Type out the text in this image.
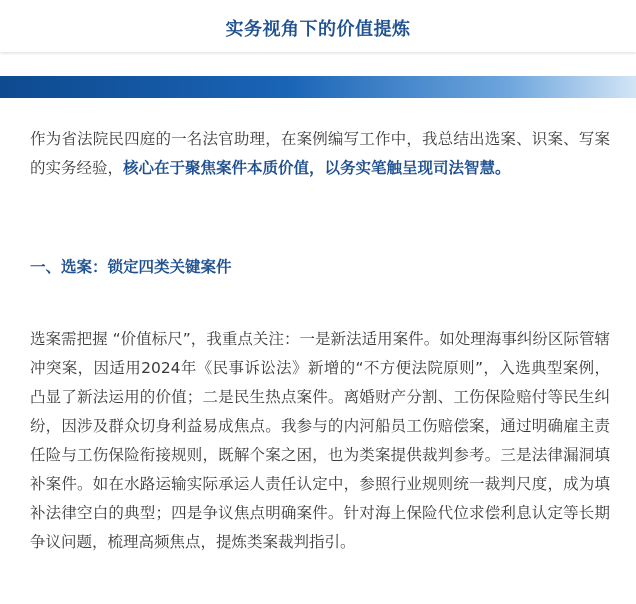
实务视角下的价值提炼

作为省法院民四庭的一名法官助理，在案例编写工作中，我总结出选案、识案、写案的实务经验，核心在于聚焦案件本质价值，以务实笔触呈现司法智慧。

一、选案：锁定四类关键案件

选案需把握 “价值标尺”，我重点关注：一是新法适用案件。如处理海事纠纷区际管辖冲突案，因适用2024年《民事诉讼法》新增的“不方便法院原则”，入选典型案例，凸显了新法运用的价值；二是民生热点案件。离婚财产分割、工伤保险赔付等民生纠纷，因涉及群众切身利益易成焦点。我参与的内河船员工伤赔偿案，通过明确雇主责任险与工伤保险衔接规则，既解个案之困，也为类案提供裁判参考。三是法律漏洞填补案件。如在水路运输实际承运人责任认定中，参照行业规则统一裁判尺度，成为填补法律空白的典型；四是争议焦点明确案件。针对海上保险代位求偿利息认定等长期争议问题，梳理高频焦点，提炼类案裁判指引。
